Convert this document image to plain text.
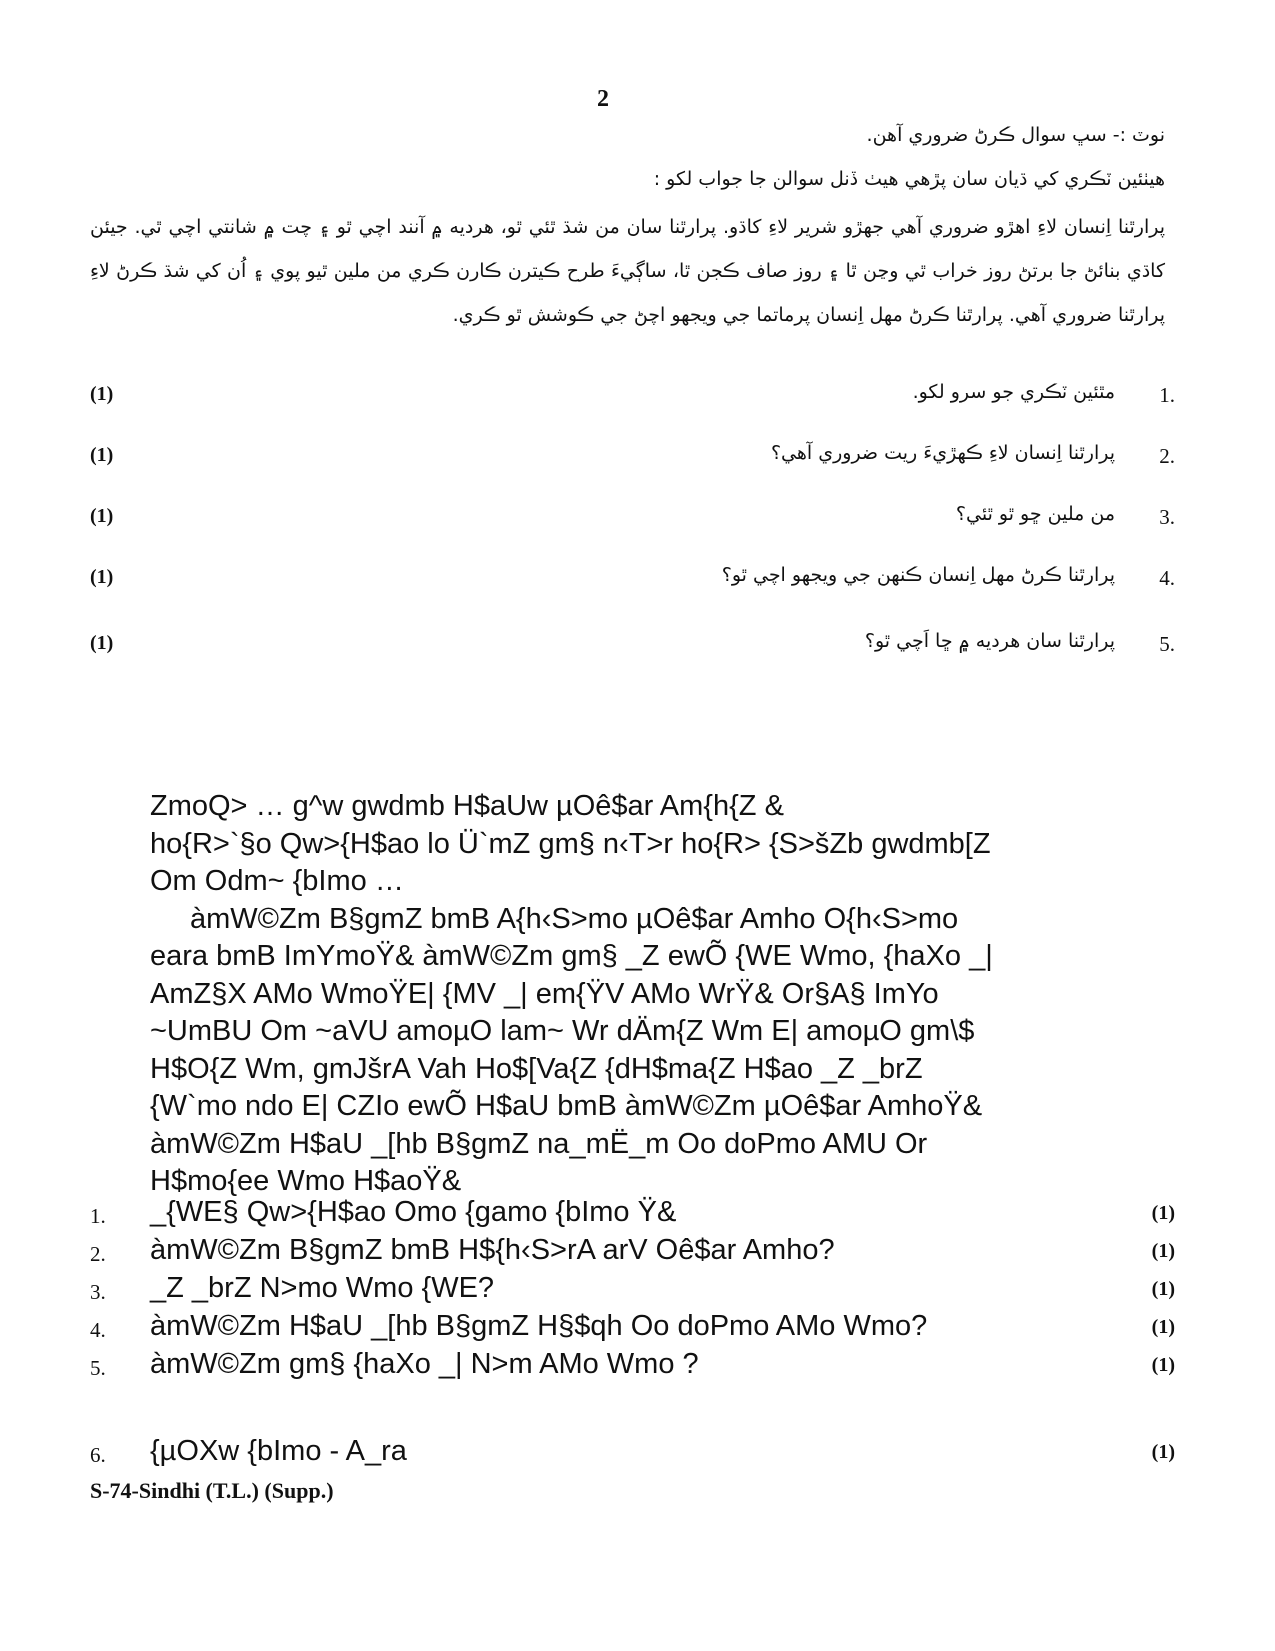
2
نوٽ :- سڀ سوال ڪرڻ ضروري آهن.
هيٺئين ٽڪري کي ڌيان سان پڙهي هيٺ ڏنل سوالن جا جواب لکو :
پرارٿنا اِنسان لاءِ اهڙو ضروري آهي جهڙو شرير لاءِ کاڌو. پرارٿنا سان من شڌ ٿئي ٿو، هرديه ۾ آنند اچي ٿو ۽ چت ۾ شانتي اچي ٿي. جيئن کاڌي بنائڻ جا برتڻ روز خراب ٿي وڃن ٿا ۽ روز صاف ڪجن ٿا، ساڳيءَ طرح ڪيترن ڪارن ڪري من ملين ٿيو پوي ۽ اُن کي شڌ ڪرڻ لاءِ پرارٿنا ضروري آهي. پرارٿنا ڪرڻ مهل اِنسان پرماتما جي ويجهو اچڻ جي ڪوشش ٿو ڪري.
1.
مٿئين ٽڪري جو سرو لکو.
(1)
2.
پرارٿنا اِنسان لاءِ ڪهڙيءَ ريت ضروري آهي؟
(1)
3.
من ملين ڇو ٿو ٿئي؟
(1)
4.
پرارٿنا ڪرڻ مهل اِنسان ڪنهن جي ويجهو اچي ٿو؟
(1)
5.
پرارٿنا سان هرديه ۾ ڇا اَچي ٿو؟
(1)

ZmoQ> … g^w gwdmb H$aUw µOê$ar Am{h{Z &

ho{R>`§o Qw>{H$ao lo Ü`mZ gm§ n‹T>r ho{R> {S>šZb gwdmb[Z

Om Odm~ {bImo …

àmW©Zm B§gmZ bmB A{h‹S>mo µOê$ar Amho O{h‹S>mo

eara bmB ImYmoŸ& àmW©Zm gm§ _Z ewÕ {WE Wmo, {haXo _|

AmZ§X AMo WmoŸE| {MV _| em{ŸV AMo WrŸ& Or§A§ ImYo

~UmBU Om ~aVU amoµO lam~ Wr dÄm{Z Wm E| amoµO gm\$

H$O{Z Wm, gmJšrA Vah Ho$[Va{Z {dH$ma{Z H$ao _Z _brZ

{W`mo ndo E| CZIo ewÕ H$aU bmB àmW©Zm µOê$ar AmhoŸ&

àmW©Zm H$aU _[hb B§gmZ na_mË_m Oo doPmo AMU Or

H$mo{ee Wmo H$aoŸ&

1. _{WE§ Qw>{H$ao Omo {gamo {bImo Ÿ&	(1)
2. àmW©Zm B§gmZ bmB H${h‹S>rA arV Oê$ar Amho?	(1)
3. _Z _brZ N>mo Wmo {WE?	(1)
4. àmW©Zm H$aU _[hb B§gmZ H§$qh Oo doPmo AMo Wmo?	(1)
5. àmW©Zm gm§ {haXo _| N>m AMo Wmo ?	(1)
6. {µOXw {bImo - A_ra	(1)
S-74-Sindhi (T.L.) (Supp.)
